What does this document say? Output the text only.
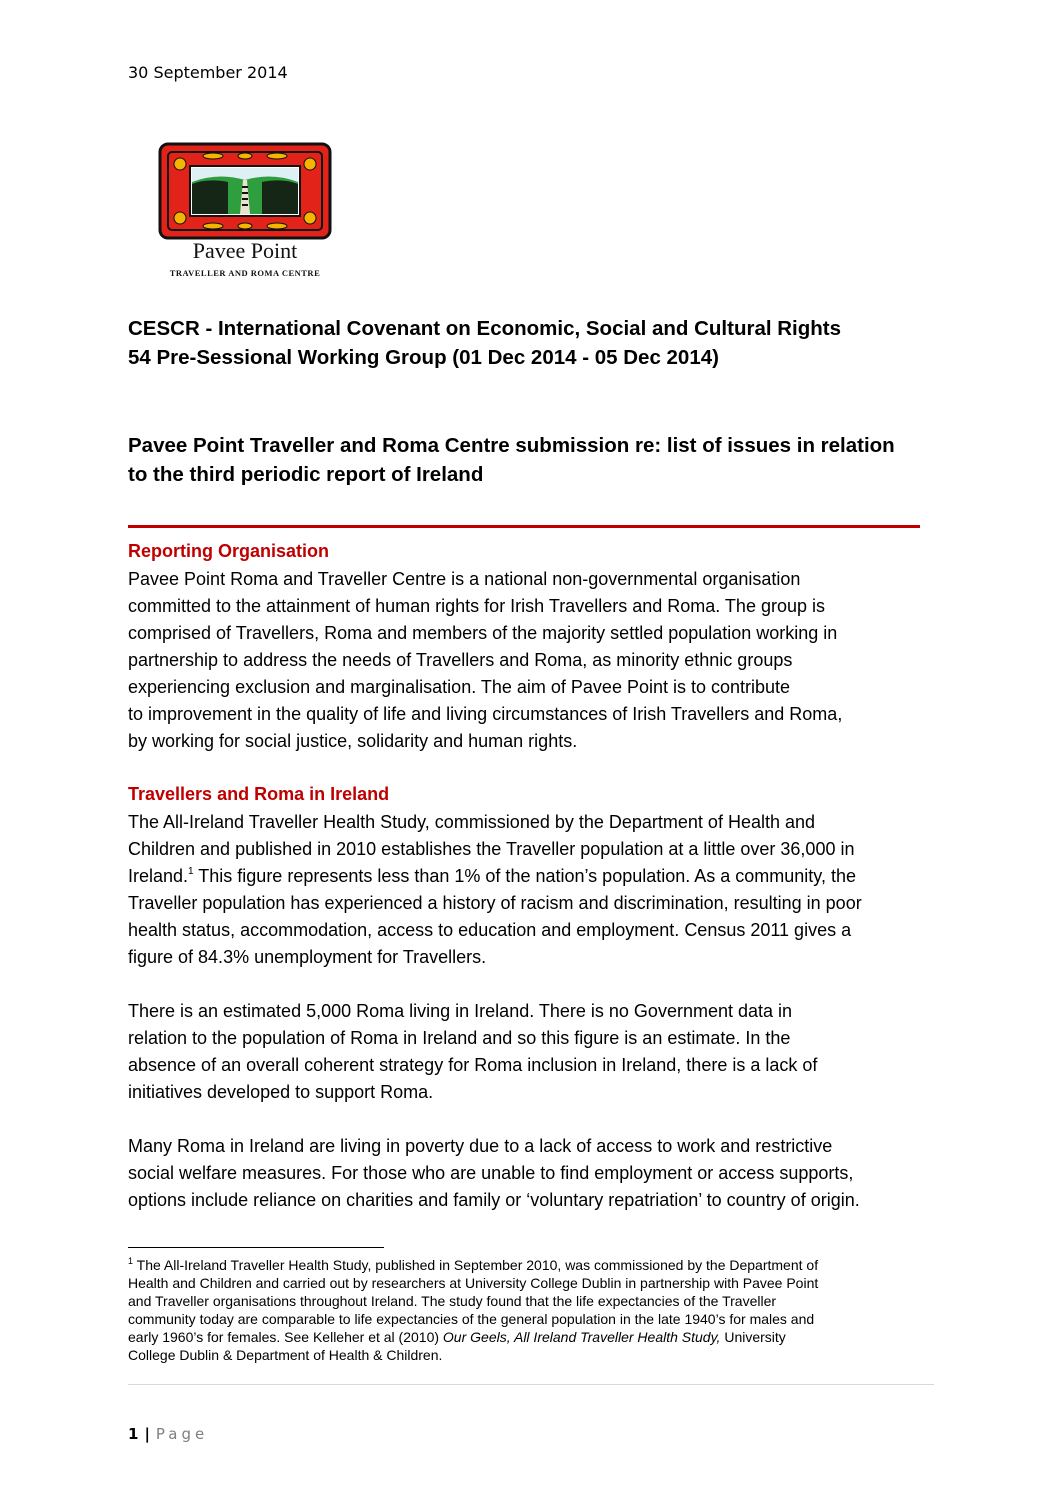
30 September 2014
Pavee Point
TRAVELLER AND ROMA CENTRE
CESCR - International Covenant on Economic, Social and Cultural Rights
54 Pre-Sessional Working Group (01 Dec 2014 - 05 Dec 2014)
Pavee Point Traveller and Roma Centre submission re: list of issues in relation
to the third periodic report of Ireland
Reporting Organisation
Pavee Point Roma and Traveller Centre is a national non-governmental organisation
committed to the attainment of human rights for Irish Travellers and Roma. The group is
comprised of Travellers, Roma and members of the majority settled population working in
partnership to address the needs of Travellers and Roma, as minority ethnic groups
experiencing exclusion and marginalisation. The aim of Pavee Point is to contribute
to improvement in the quality of life and living circumstances of Irish Travellers and Roma,
by working for social justice, solidarity and human rights.
Travellers and Roma in Ireland
The All-Ireland Traveller Health Study, commissioned by the Department of Health and
Children and published in 2010 establishes the Traveller population at a little over 36,000 in
Ireland.$^1$ This figure represents less than 1% of the nation’s population. As a community, the
Traveller population has experienced a history of racism and discrimination, resulting in poor
health status, accommodation, access to education and employment. Census 2011 gives a
figure of 84.3% unemployment for Travellers.
There is an estimated 5,000 Roma living in Ireland. There is no Government data in
relation to the population of Roma in Ireland and so this figure is an estimate. In the
absence of an overall coherent strategy for Roma inclusion in Ireland, there is a lack of
initiatives developed to support Roma.
Many Roma in Ireland are living in poverty due to a lack of access to work and restrictive
social welfare measures. For those who are unable to find employment or access supports,
options include reliance on charities and family or ‘voluntary repatriation’ to country of origin.
$^1$ The All-Ireland Traveller Health Study, published in September 2010, was commissioned by the Department of
Health and Children and carried out by researchers at University College Dublin in partnership with Pavee Point
and Traveller organisations throughout Ireland. The study found that the life expectancies of the Traveller
community today are comparable to life expectancies of the general population in the late 1940’s for males and
early 1960’s for females. See Kelleher et al (2010) Our Geels, All Ireland Traveller Health Study, University
College Dublin & Department of Health & Children.
1 | Page
